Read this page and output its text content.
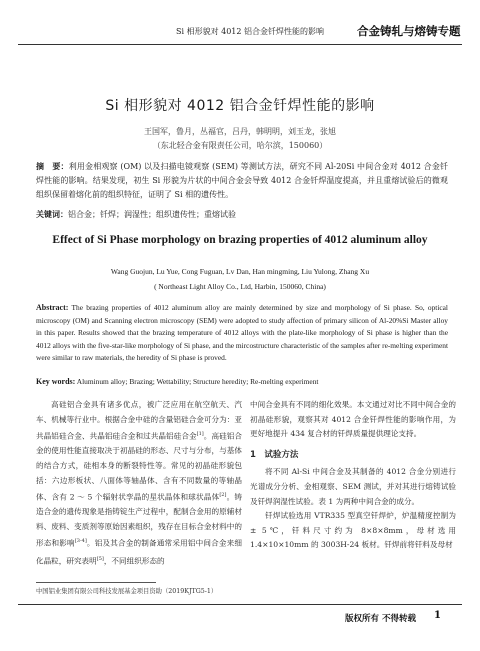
Si 相形貌对 4012 铝合金钎焊性能的影响	合金铸轧与熔铸专题
Si 相形貌对 4012 铝合金钎焊性能的影响
王国军，鲁月，丛福官，吕丹，韩明明，刘玉龙，张旭
（东北轻合金有限责任公司，哈尔滨，150060）
摘　要：利用金相观察 (OM) 以及扫描电镜观察 (SEM) 等测试方法，研究不同 Al-20Si 中间合金对 4012 合金钎焊性能的影响。结果发现，初生 Si 形貌为片状的中间合金会导致 4012 合金钎焊温度提高，并且重熔试验后的微观组织保留着熔化前的组织特征，证明了 Si 相的遗传性。
关键词：铝合金；钎焊；润湿性；组织遗传性；重熔试验
Effect of Si Phase morphology on brazing properties of 4012 aluminum alloy
Wang Guojun, Lu Yue, Cong Fuguan, Lv Dan, Han mingming, Liu Yulong, Zhang Xu
( Northeast Light Alloy Co., Ltd, Harbin, 150060, China)
Abstract: The brazing properties of 4012 aluminum alloy are mainly determined by size and morphology of Si phase. So, optical microscopy (OM) and Scanning electron microscopy (SEM) were adopted to study affection of primary silicon of Al-20%Si Master alloy in this paper. Results showed that the brazing temperature of 4012 alloys with the plate-like morphology of Si phase is higher than the 4012 alloys with the five-star-like morphology of Si phase, and the mircostructure characteristic of the samples after re-melting experiment were similar to raw materials, the heredity of Si phase is proved.
Key words: Aluminum alloy; Brazing; Wettability; Structure heredity; Re-melting experiment

高硅铝合金具有诸多优点，被广泛应用在航空航天、汽车、机械等行业中。根据合金中硅的含量铝硅合金可分为：亚共晶铝硅合金、共晶铝硅合金和过共晶铝硅合金[1]。高硅铝合金的使用性能直接取决于初晶硅的形态、尺寸与分布，与基体的结合方式，硅相本身的断裂特性等。常见的初晶硅形貌包括：六边形板状、八面体等轴晶体、含有不同数量的等轴晶体、含有 2 ～ 5 个辐射状孪晶的星状晶体和球状晶体[2]。铸造合金的遗传现象是指铸锭生产过程中，配制合金用的原辅材料、废料、变质剂等原始因素组织，残存在目标合金材料中的形态和影响[3-4]。铝及其合金的制备通常采用铝中间合金来细化晶粒，研究表明[5]，不同组织形态的

中间合金具有不同的细化效果。本文通过对比不同中间合金的初晶硅形貌，观察其对 4012 合金钎焊性能的影响作用，为更好地提升 434 复合材的钎焊质量提供理论支持。

1　试验方法

将不同 Al-Si 中间合金及其制备的 4012 合金分别进行光谱成分分析、金相观察、SEM 测试，并对其进行熔铸试验及钎焊润湿性试验。表 1 为两种中间合金的成分。

钎焊试验选用 VTR335 型真空钎焊炉，炉温精度控制为 ± 5℃，钎料尺寸约为 8×8×8mm，母材选用 1.4×10×10mm 的 3003H-24 板材。钎焊前将钎料及母材

中国铝业集团有限公司科技发展基金项目资助（2019KJTG5-1）
版权所有 不得转载 1
